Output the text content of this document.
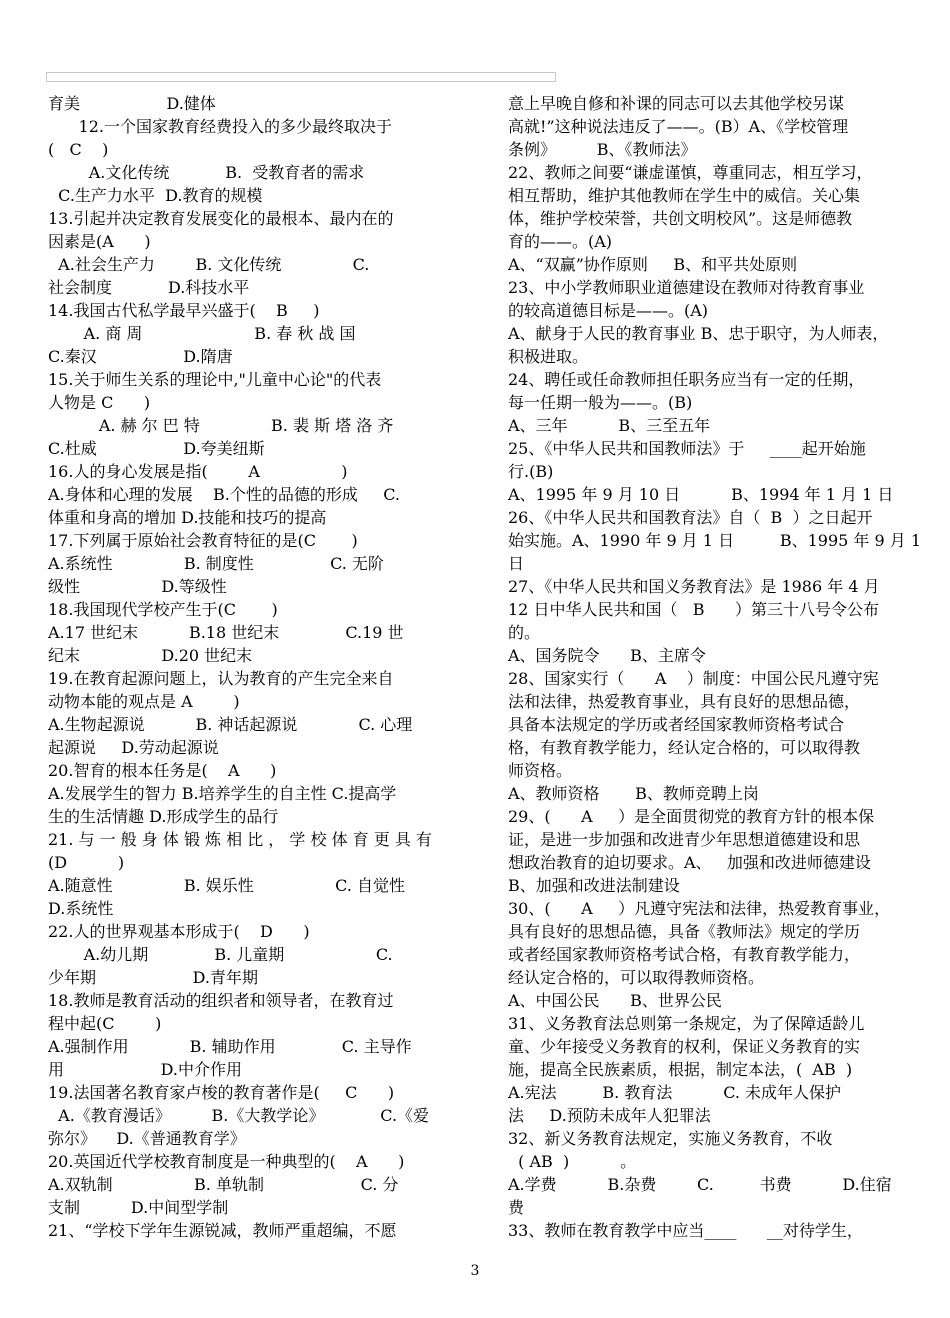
育美                 D.健体
12.一个国家教育经费投入的多少最终取决于
(   C    )
A.文化传统           B.  受教育者的需求
C.生产力水平  D.教育的规模
13.引起并决定教育发展变化的最根本、最内在的
因素是(A      )
A.社会生产力        B. 文化传统              C.
社会制度           D.科技水平
14.我国古代私学最早兴盛于(    B     )
A. 商 周                      B. 春 秋 战 国
C.秦汉                 D.隋唐
15.关于师生关系的理论中,"儿童中心论"的代表
人物是 C      )
A. 赫 尔 巴 特              B. 裴 斯 塔 洛 齐
C.杜威                 D.夸美纽斯
16.人的身心发展是指(        A                )
A.身体和心理的发展    B.个性的品德的形成     C.
体重和身高的增加 D.技能和技巧的提高
17.下列属于原始社会教育特征的是(C       )
A.系统性              B. 制度性               C. 无阶
级性                D.等级性
18.我国现代学校产生于(C       )
A.17 世纪末          B.18 世纪末             C.19 世
纪末                D.20 世纪末
19.在教育起源问题上，认为教育的产生完全来自
动物本能的观点是 A        )
A.生物起源说          B. 神话起源说            C. 心理
起源说     D.劳动起源说
20.智育的根本任务是(    A      )
A.发展学生的智力 B.培养学生的自主性 C.提高学
生的生活情趣 D.形成学生的品行
21. 与 一 般 身 体 锻 炼 相 比 ， 学 校 体 育 更 具 有
(D          )
A.随意性              B. 娱乐性                C. 自觉性
D.系统性
22.人的世界观基本形成于(    D      )
A.幼儿期             B. 儿童期                  C.
少年期                   D.青年期
18.教师是教育活动的组织者和领导者，在教育过
程中起(C        )
A.强制作用            B. 辅助作用             C. 主导作
用                   D.中介作用
19.法国著名教育家卢梭的教育著作是(     C      )
A.《教育漫话》        B.《大教学论》           C.《爱
弥尔》    D.《普通教育学》
20.英国近代学校教育制度是一种典型的(    A      )
A.双轨制                B. 单轨制                   C. 分
支制          D.中间型学制
21、“学校下学年生源锐减，教师严重超编，不愿
意上早晚自修和补课的同志可以去其他学校另谋
高就!”这种说法违反了——。(B）A、《学校管理
条例》        B、《教师法》
22、教师之间要“谦虚谨慎，尊重同志，相互学习，
相互帮助，维护其他教师在学生中的威信。关心集
体，维护学校荣誉，共创文明校风”。这是师德教
育的——。(A)
A、“双赢”协作原则     B、和平共处原则
23、中小学教师职业道德建设在教师对待教育事业
的较高道德目标是——。(A)
A、献身于人民的教育事业 B、忠于职守，为人师表，
积极进取。
24、聘任或任命教师担任职务应当有一定的任期，
每一任期一般为——。(B)
A、三年          B、三至五年
25、《中华人民共和国教师法》于     ____起开始施
行.(B)
A、1995 年 9 月 10 日          B、1994 年 1 月 1 日
26、《中华人民共和国教育法》自（  B  ）之日起开
始实施。A、1990 年 9 月 1 日         B、1995 年 9 月 1
日
27、《中华人民共和国义务教育法》是 1986 年 4 月
12 日中华人民共和国（   B      ）第三十八号令公布
的。
A、国务院令      B、主席令
28、国家实行（      A    ）制度：中国公民凡遵守宪
法和法律，热爱教育事业，具有良好的思想品德，
具备本法规定的学历或者经国家教师资格考试合
格，有教育教学能力，经认定合格的，可以取得教
师资格。
A、教师资格       B、教师竞聘上岗
29、(      A     ）是全面贯彻党的教育方针的根本保
证，是进一步加强和改进青少年思想道德建设和思
想政治教育的迫切要求。A、   加强和改进师德建设
B、加强和改进法制建设
30、(      A     ）凡遵守宪法和法律，热爱教育事业，
具有良好的思想品德，具备《教师法》规定的学历
或者经国家教师资格考试合格，有教育教学能力，
经认定合格的，可以取得教师资格。
A、中国公民      B、世界公民
31、义务教育法总则第一条规定，为了保障适龄儿
童、少年接受义务教育的权利，保证义务教育的实
施，提高全民族素质，根据，制定本法，(  AB  )
A.宪法         B. 教育法          C. 未成年人保护
法     D.预防未成年人犯罪法
32、新义务教育法规定，实施义务教育，不收
( AB  )          。
A.学费          B.杂费        C.         书费          D.住宿
费
33、教师在教育教学中应当____      __对待学生，
3
